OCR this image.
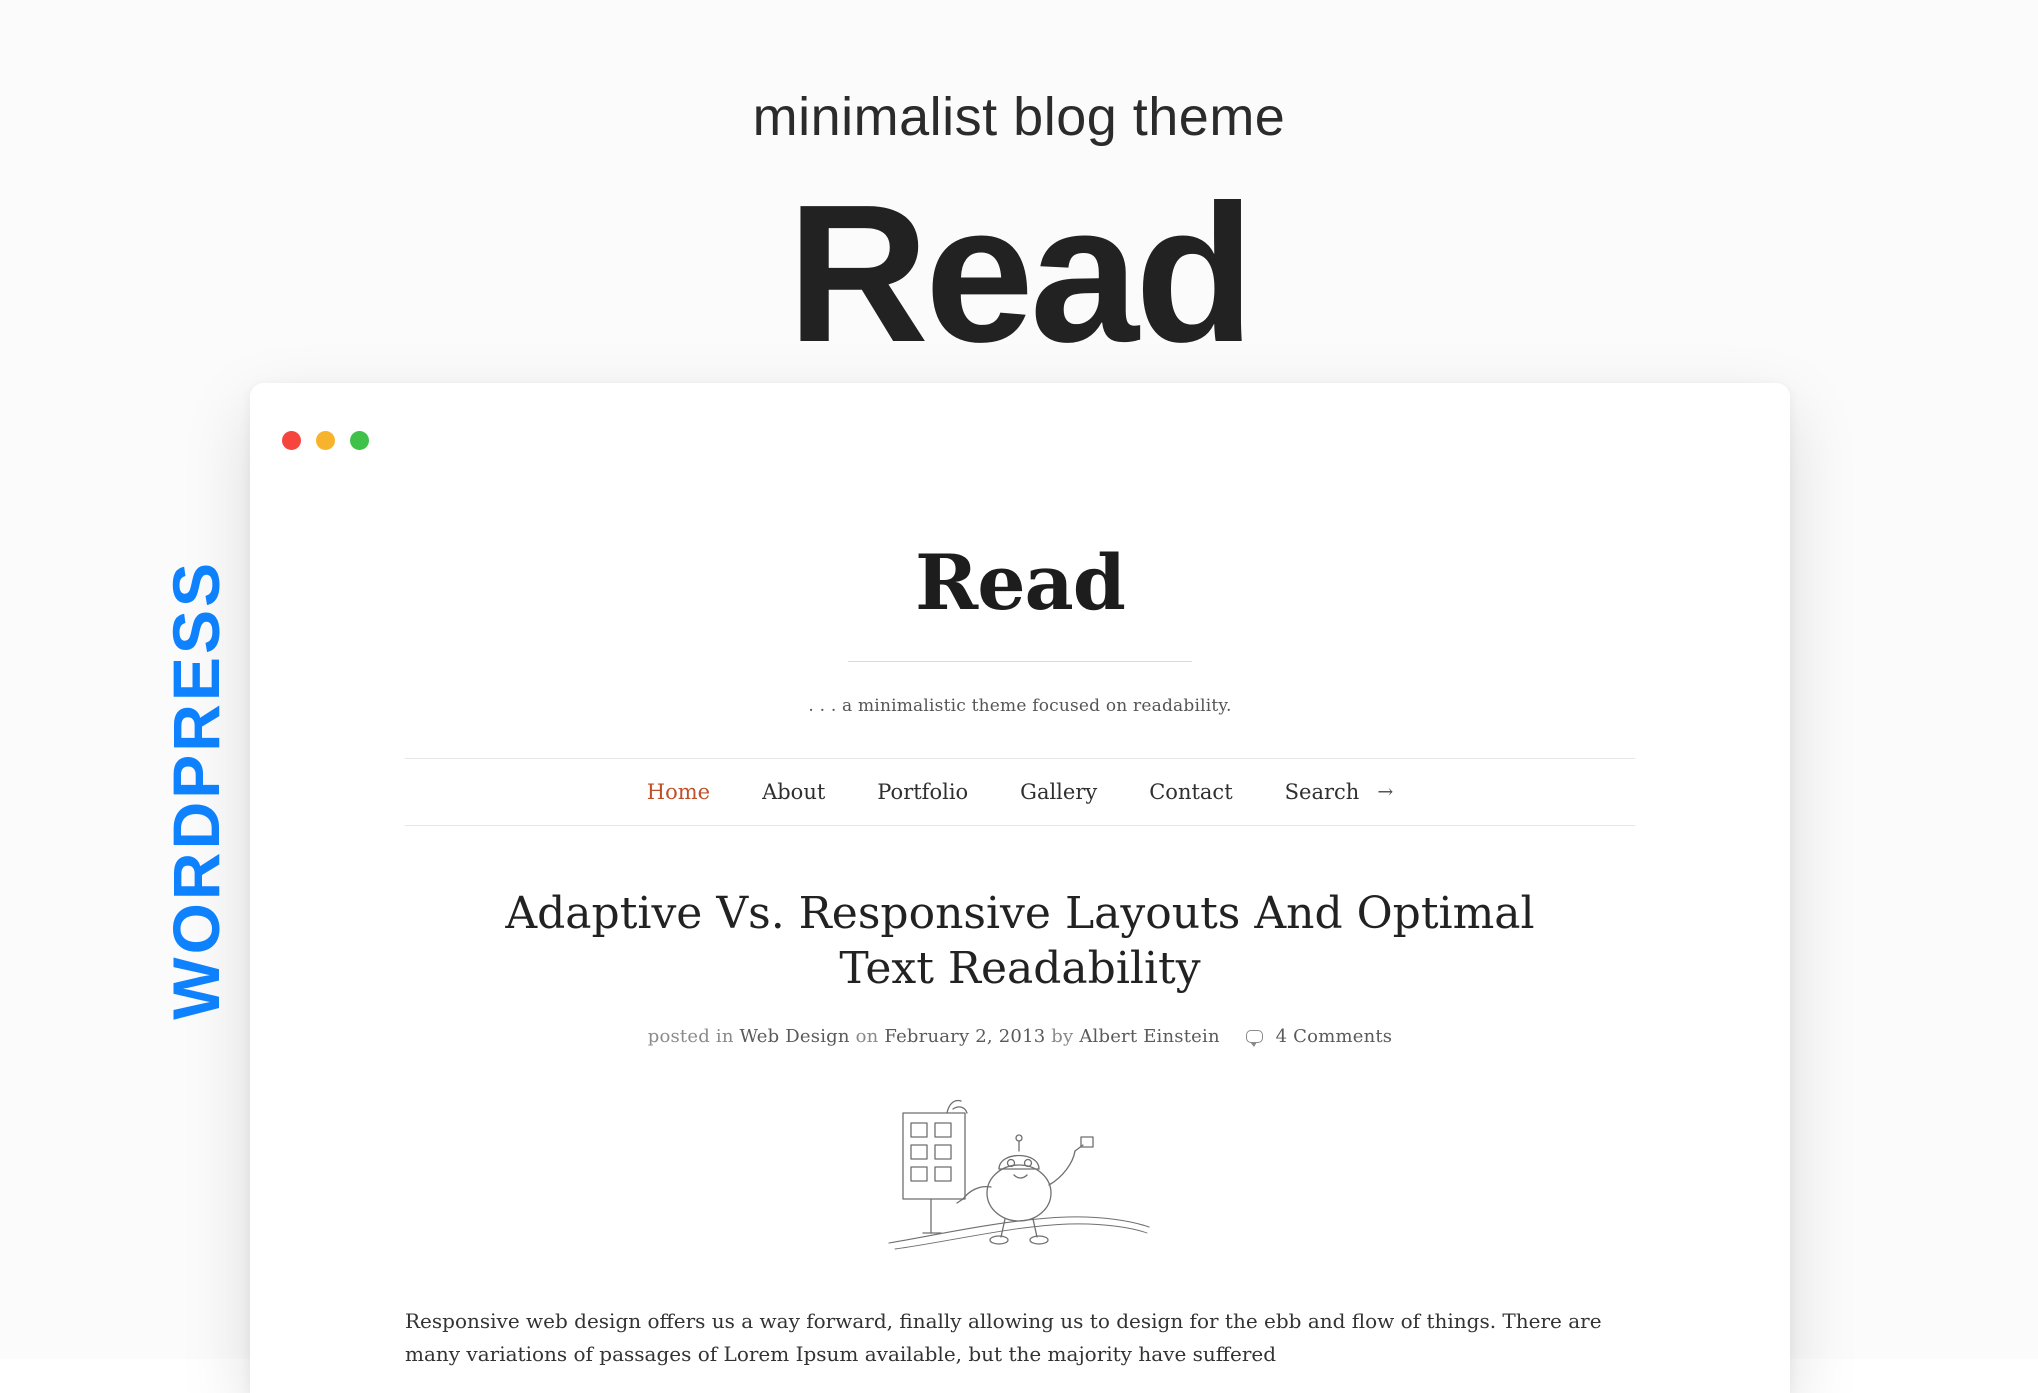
minimalist blog theme
Read
WORDPRESS	Read
. . . a minimalistic theme focused on readability.
Home	About	Portfolio	Gallery	Contact	Search →
Adaptive Vs. Responsive Layouts And Optimal Text Readability
posted in Web Design on February 2, 2013 by Albert Einstein	4 Comments

Responsive web design offers us a way forward, finally allowing us to design for the ebb and flow of things. There are many variations of passages of Lorem Ipsum available, but the majority have suffered
